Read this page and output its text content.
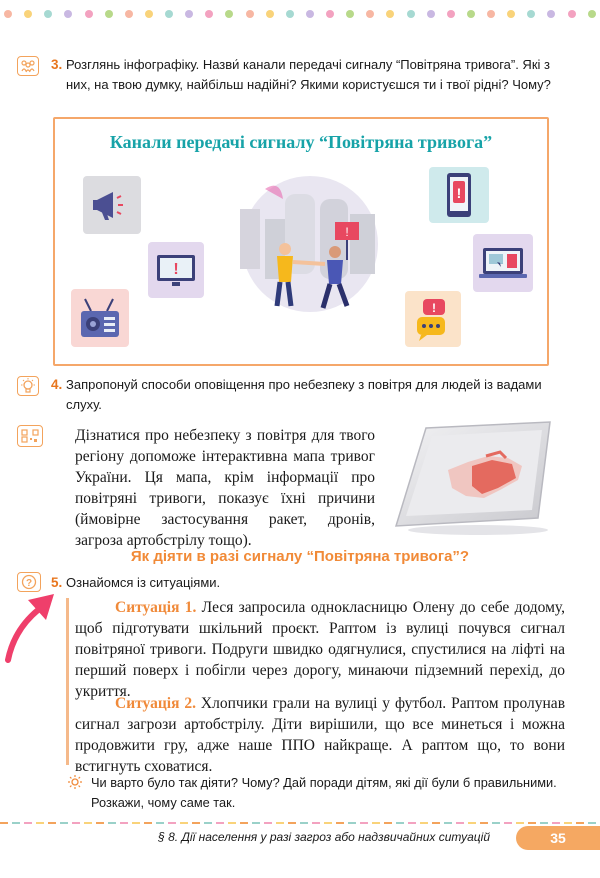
3. Розглянь інфографіку. Назви́ канали передачі сигналу “Повітряна тривога”. Які з них, на твою думку, найбільш надійні? Якими користуєшся ти і твої рідні? Чому?
Канали передачі сигналу “Повітряна тривога”
!
!
!
!
4. Запропонуй способи оповіщення про небезпеку з повітря для людей із вадами слуху.
Дізнатися про небезпеку з повітря для твого регіону допоможе інтерактивна мапа тривог України. Ця мапа, крім інформації про повітряні тривоги, показує їхні причини (ймовірне застосування ракет, дронів, загроза артобстрілу тощо).
Як діяти в разі сигналу “Повітряна тривога”?
? 5. Ознайомся із ситуаціями.
Ситуація 1. Леся запросила однокласницю Олену до себе додому, щоб підготувати шкільний проєкт. Раптом із вулиці почувся сигнал повітряної тривоги. Подруги швидко одягнулися, спустилися на ліфті на перший поверх і побігли через дорогу, минаючи підземний перехід, до укриття.
Ситуація 2. Хлопчики грали на вулиці у футбол. Раптом пролунав сигнал загрози артобстрілу. Діти вирішили, що все минеться і можна продовжити гру, адже наше ППО найкраще. А раптом що, то вони встигнуть сховатися.
Чи варто було так діяти? Чому? Дай поради дітям, які дії були б правильними. Розкажи, чому саме так.
§ 8. Дії населення у разі загроз або надзвичайних ситуацій	35
